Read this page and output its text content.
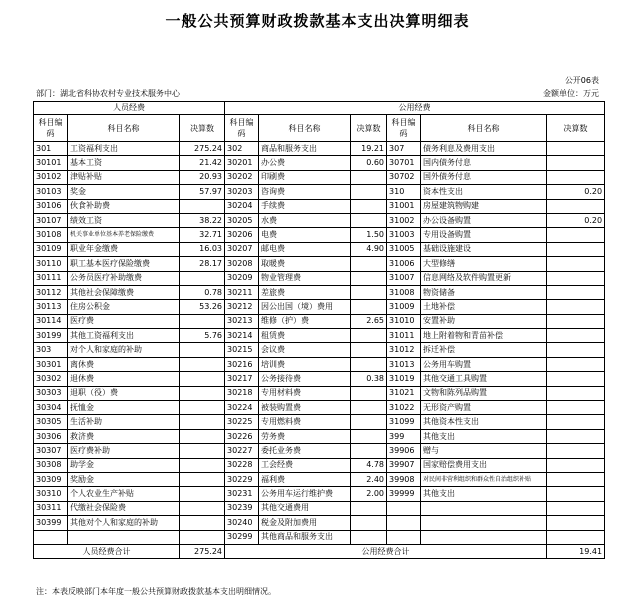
一般公共预算财政拨款基本支出决算明细表
公开06表
部门：湖北省科协农村专业技术服务中心	金额单位：万元
人员经费			公用经费					
科目编码	科目名称	决算数	科目编码	科目名称	决算数	科目编码	科目名称	决算数
301	工资福利支出	275.24	302	商品和服务支出	19.21	307	债务利息及费用支出	
30101	基本工资	21.42	30201	办公费	0.60	30701	国内债务付息	
30102	津贴补贴	20.93	30202	印刷费		30702	国外债务付息	
30103	奖金	57.97	30203	咨询费		310	资本性支出	0.20
30106	伙食补助费		30204	手续费		31001	房屋建筑物购建	
30107	绩效工资	38.22	30205	水费		31002	办公设备购置	0.20
30108	机关事业单位基本养老保险缴费	32.71	30206	电费	1.50	31003	专用设备购置	
30109	职业年金缴费	16.03	30207	邮电费	4.90	31005	基础设施建设	
30110	职工基本医疗保险缴费	28.17	30208	取暖费		31006	大型修缮	
30111	公务员医疗补助缴费		30209	物业管理费		31007	信息网络及软件购置更新	
30112	其他社会保障缴费	0.78	30211	差旅费		31008	物资储备	
30113	住房公积金	53.26	30212	因公出国（境）费用		31009	土地补偿	
30114	医疗费		30213	维修（护）费	2.65	31010	安置补助	
30199	其他工资福利支出	5.76	30214	租赁费		31011	地上附着物和青苗补偿	
303	对个人和家庭的补助		30215	会议费		31012	拆迁补偿	
30301	离休费		30216	培训费		31013	公务用车购置	
30302	退休费		30217	公务接待费	0.38	31019	其他交通工具购置	
30303	退职（役）费		30218	专用材料费		31021	文物和陈列品购置	
30304	抚恤金		30224	被装购置费		31022	无形资产购置	
30305	生活补助		30225	专用燃料费		31099	其他资本性支出	
30306	救济费		30226	劳务费		399	其他支出	
30307	医疗费补助		30227	委托业务费		39906	赠与	
30308	助学金		30228	工会经费	4.78	39907	国家赔偿费用支出	
30309	奖励金		30229	福利费	2.40	39908	对民间非营利组织和群众性自治组织补贴	
30310	个人农业生产补贴		30231	公务用车运行维护费	2.00	39999	其他支出	
30311	代缴社会保险费		30239	其他交通费用				
30399	其他对个人和家庭的补助		30240	税金及附加费用				
			30299	其他商品和服务支出				
人员经费合计		275.24	公用经费合计					19.41
注：本表反映部门本年度一般公共预算财政拨款基本支出明细情况。
